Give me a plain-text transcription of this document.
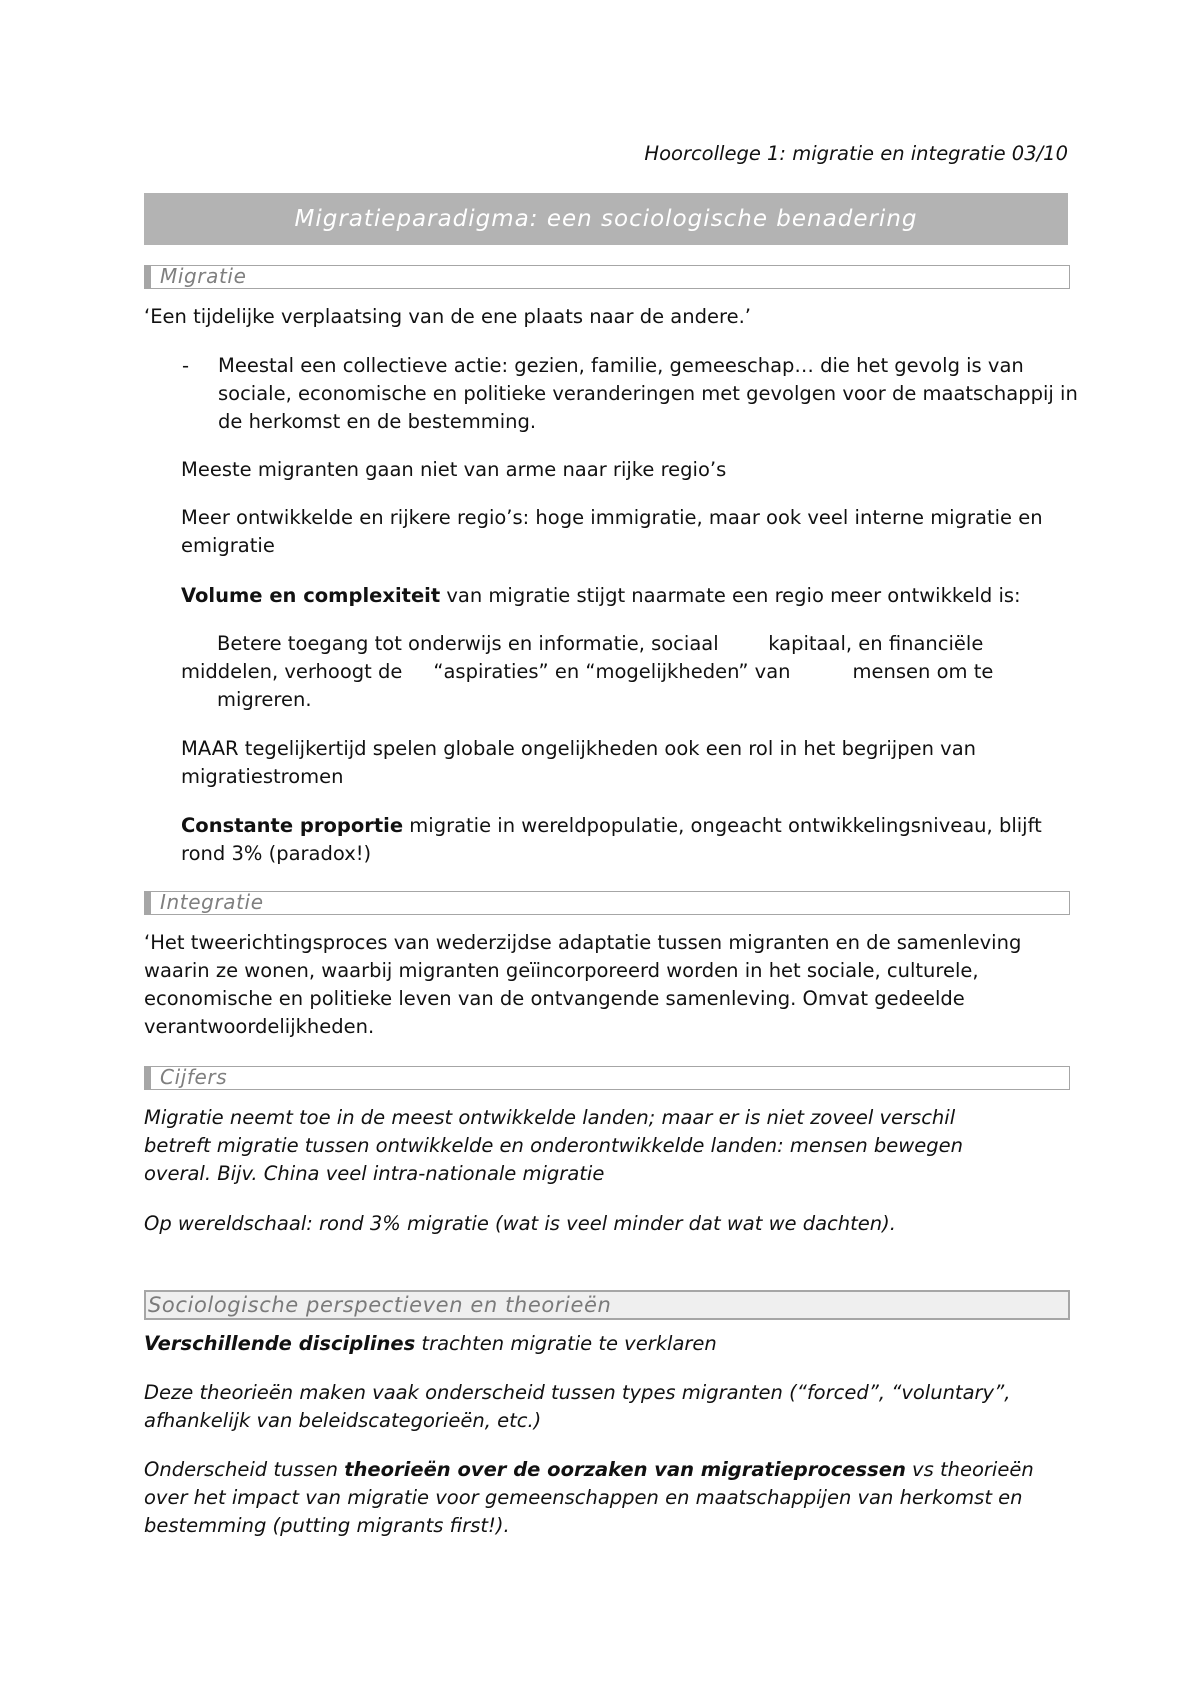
Hoorcollege 1: migratie en integratie 03/10
Migratieparadigma: een sociologische benadering
Migratie

‘Een tijdelijke verplaatsing van de ene plaats naar de andere.’

- Meestal een collectieve actie: gezien, familie, gemeeschap… die het gevolg is van sociale, economische en politieke veranderingen met gevolgen voor de maatschappij in de herkomst en de bestemming.

Meeste migranten gaan niet van arme naar rijke regio’s

Meer ontwikkelde en rijkere regio’s: hoge immigratie, maar ook veel interne migratie en emigratie

Volume en complexiteit van migratie stijgt naarmate een regio meer ontwikkeld is:

Betere toegang tot onderwijs en informatie, sociaal        kapitaal, en financiële

middelen, verhoogt de     “aspiraties” en “mogelijkheden” van          mensen om te

migreren.

MAAR tegelijkertijd spelen globale ongelijkheden ook een rol in het begrijpen van migratiestromen

Constante proportie migratie in wereldpopulatie, ongeacht ontwikkelingsniveau, blijft rond 3% (paradox!)

Integratie

‘Het tweerichtingsproces van wederzijdse adaptatie tussen migranten en de samenleving waarin ze wonen, waarbij migranten geïincorporeerd worden in het sociale, culturele, economische en politieke leven van de ontvangende samenleving. Omvat gedeelde verantwoordelijkheden.

Cijfers

Migratie neemt toe in de meest ontwikkelde landen; maar er is niet zoveel verschil betreft migratie tussen ontwikkelde en onderontwikkelde landen: mensen bewegen overal. Bijv. China veel intra-nationale migratie

Op wereldschaal: rond 3% migratie (wat is veel minder dat wat we dachten).

Sociologische perspectieven en theorieën

Verschillende disciplines trachten migratie te verklaren

Deze theorieën maken vaak onderscheid tussen types migranten (“forced”, “voluntary”, afhankelijk van beleidscategorieën, etc.)

Onderscheid tussen theorieën over de oorzaken van migratieprocessen vs theorieën over het impact van migratie voor gemeenschappen en maatschappijen van herkomst en bestemming (putting migrants first!).
